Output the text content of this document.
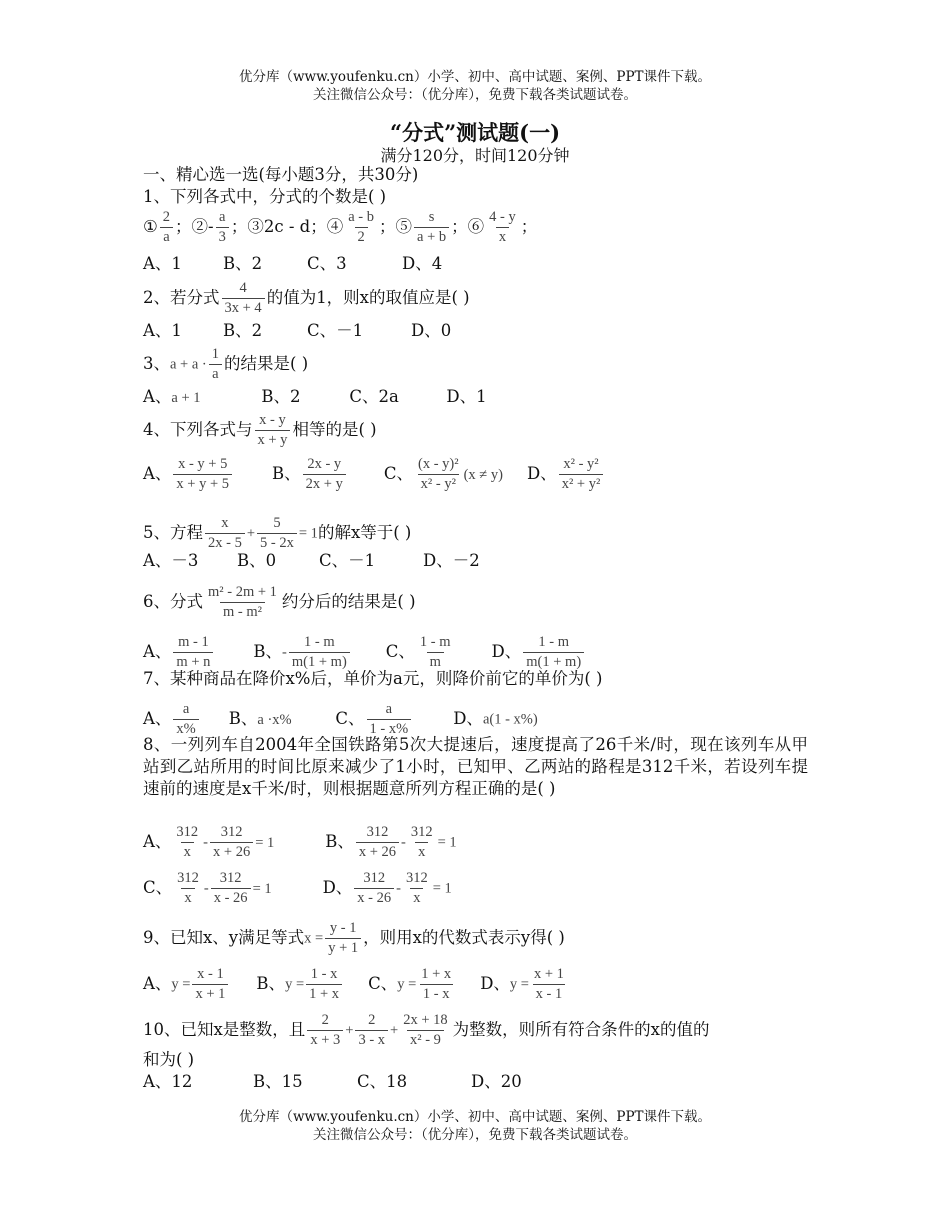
优分库（www.youfenku.cn）小学、初中、高中试题、案例、PPT课件下载。
关注微信公众号：（优分库），免费下载各类试题试卷。
“分式”测试题(一)
满分120分，时间120分钟
一、精心选一选(每小题3分，共30分)
1、下列各式中，分式的个数是( )
① $\frac{2}{a}$ ；②- $\frac{a}{3}$ ；③2c - d；④ $\frac{a - b}{2}$ ；⑤ $\frac{s}{a + b}$ ；⑥ $\frac{4 - y}{x}$ ；
A、1 B、2	C、3	D、4
2、若分式 $\frac{4}{3x + 4}$ 的值为1，则x的取值应是( )
A、1 B、2	C、－1	D、0
3、$a + a \cdot \frac{1}{a}$ 的结果是( )
A、a + 1	B、2	C、2a	D、1
4、下列各式与 $\frac{x - y}{x + y}$ 相等的是( )
A、 $\frac{x - y + 5}{x + y + 5}$ B、 $\frac{2x - y}{2x + y}$ C、 $\frac{\text{(x - y)²}}{\text{x² - y²}} (x \ne y)$ D、 $\frac{\text{x² - y²}}{\text{x² + y²}}$
5、方程 $\frac{x}{2x - 5} + \frac{5}{5 - 2x} = 1$的解x等于( )
A、－3 B、0	C、－1	D、－2
6、分式 $\frac{\text{m² - 2m + 1}}{\text{m - m²}}$ 约分后的结果是( )
A、 $\frac{m - 1}{m + n}$ B、- $\frac{1 - m}{m(1 + m)}$ C、 $\frac{1 - m}{m}$ D、 $\frac{1 - m}{m(1 + m)}$
7、某种商品在降价x%后，单价为a元，则降价前它的单价为( )
A、 $\frac{a}{x\%}$ B、a ·x%	C、 $\frac{a}{1 - x\%}$	D、a(1 - x%)
8、一列列车自2004年全国铁路第5次大提速后，速度提高了26千米/时，现在该列车从甲站到乙站所用的时间比原来减少了1小时，已知甲、乙两站的路程是312千米，若设列车提速前的速度是x千米/时，则根据题意所列方程正确的是( )
A、 $\frac{312}{x} - \frac{312}{x + 26} = 1$	B、 $\frac{312}{x + 26} - \frac{312}{x} = 1$
C、 $\frac{312}{x} - \frac{312}{x - 26} = 1$	D、 $\frac{312}{x - 26} - \frac{312}{x} = 1$
9、已知x、y满足等式$x = \frac{y - 1}{y + 1}$ ，则用x的代数式表示y得( )
A、$y = \frac{x - 1}{x + 1}$ B、$y = \frac{1 - x}{1 + x}$ C、$y = \frac{1 + x}{1 - x}$ D、$y = \frac{x + 1}{x - 1}$
10、已知x是整数，且 $\frac{2}{x + 3} + \frac{2}{3 - x} + \frac{2x + 18}{\text{x² - 9}}$ 为整数，则所有符合条件的x的值的
和为( )
A、12	B、15	C、18	D、20
优分库（www.youfenku.cn）小学、初中、高中试题、案例、PPT课件下载。
关注微信公众号：（优分库），免费下载各类试题试卷。
